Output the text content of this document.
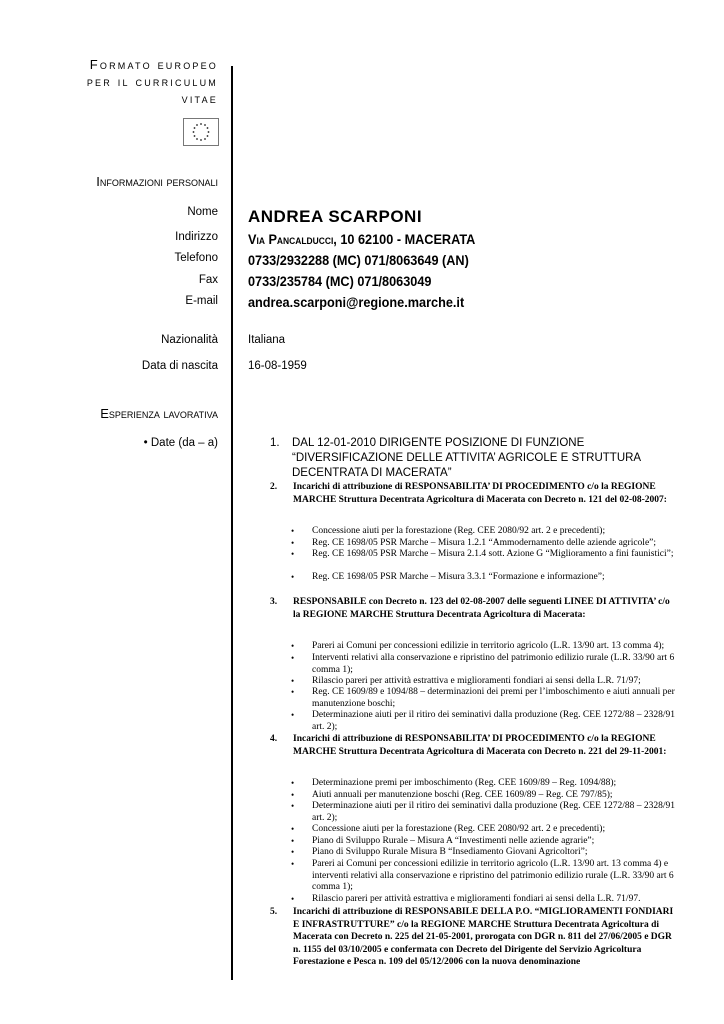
Formato europeo
per il curriculum
vitae
Informazioni personali
Nome
Indirizzo
Telefono
Fax
E-mail
Nazionalità
Data di nascita
ANDREA SCARPONI
Via Pancalducci, 10 62100 - MACERATA
0733/2932288 (MC) 071/8063649 (AN)
0733/235784 (MC) 071/8063049
andrea.scarponi@regione.marche.it
Italiana
16-08-1959
Esperienza lavorativa
• Date (da – a)	1. DAL 12-01-2010 DIRIGENTE POSIZIONE DI FUNZIONE “DIVERSIFICAZIONE DELLE ATTIVITA’ AGRICOLE E STRUTTURA DECENTRATA DI MACERATA”
2. Incarichi di attribuzione di RESPONSABILITA’ DI PROCEDIMENTO c/o la REGIONE MARCHE Struttura Decentrata Agricoltura di Macerata con Decreto n. 121 del 02-08-2007:
• Concessione aiuti per la forestazione (Reg. CEE 2080/92 art. 2 e precedenti);
• Reg. CE 1698/05 PSR Marche – Misura 1.2.1 “Ammodernamento delle aziende agricole”;
• Reg. CE 1698/05 PSR Marche – Misura 2.1.4 sott. Azione G “Miglioramento a fini faunistici”;
• Reg. CE 1698/05 PSR Marche – Misura 3.3.1 “Formazione e informazione”;
3. RESPONSABILE con Decreto n. 123 del 02-08-2007 delle seguenti LINEE DI ATTIVITA’ c/o la REGIONE MARCHE Struttura Decentrata Agricoltura di Macerata:
• Pareri ai Comuni per concessioni edilizie in territorio agricolo (L.R. 13/90 art. 13 comma 4);
• Interventi relativi alla conservazione e ripristino del patrimonio edilizio rurale (L.R. 33/90 art 6 comma 1);
• Rilascio pareri per attività estrattiva e miglioramenti fondiari ai sensi della L.R. 71/97;
• Reg. CE 1609/89 e 1094/88 – determinazioni dei premi per l’imboschimento e aiuti annuali per manutenzione boschi;
• Determinazione aiuti per il ritiro dei seminativi dalla produzione (Reg. CEE 1272/88 – 2328/91 art. 2);
4. Incarichi di attribuzione di RESPONSABILITA’ DI PROCEDIMENTO c/o la REGIONE MARCHE Struttura Decentrata Agricoltura di Macerata con Decreto n. 221 del 29-11-2001:
• Determinazione premi per imboschimento (Reg. CEE 1609/89 – Reg. 1094/88);
• Aiuti annuali per manutenzione boschi (Reg. CEE 1609/89 – Reg. CE 797/85);
• Determinazione aiuti per il ritiro dei seminativi dalla produzione (Reg. CEE 1272/88 – 2328/91 art. 2);
• Concessione aiuti per la forestazione (Reg. CEE 2080/92 art. 2 e precedenti);
• Piano di Sviluppo Rurale – Misura A “Investimenti nelle aziende agrarie”;
• Piano di Sviluppo Rurale Misura B “Insediamento Giovani Agricoltori”;
• Pareri ai Comuni per concessioni edilizie in territorio agricolo (L.R. 13/90 art. 13 comma 4) e interventi relativi alla conservazione e ripristino del patrimonio edilizio rurale (L.R. 33/90 art 6 comma 1);
• Rilascio pareri per attività estrattiva e miglioramenti fondiari ai sensi della L.R. 71/97.
5. Incarichi di attribuzione di RESPONSABILE DELLA P.O. “MIGLIORAMENTI FONDIARI E INFRASTRUTTURE” c/o la REGIONE MARCHE Struttura Decentrata Agricoltura di Macerata con Decreto n. 225 del 21-05-2001, prorogata con DGR n. 811 del 27/06/2005 e DGR n. 1155 del 03/10/2005 e confermata con Decreto del Dirigente del Servizio Agricoltura Forestazione e Pesca n. 109 del 05/12/2006 con la nuova denominazione
